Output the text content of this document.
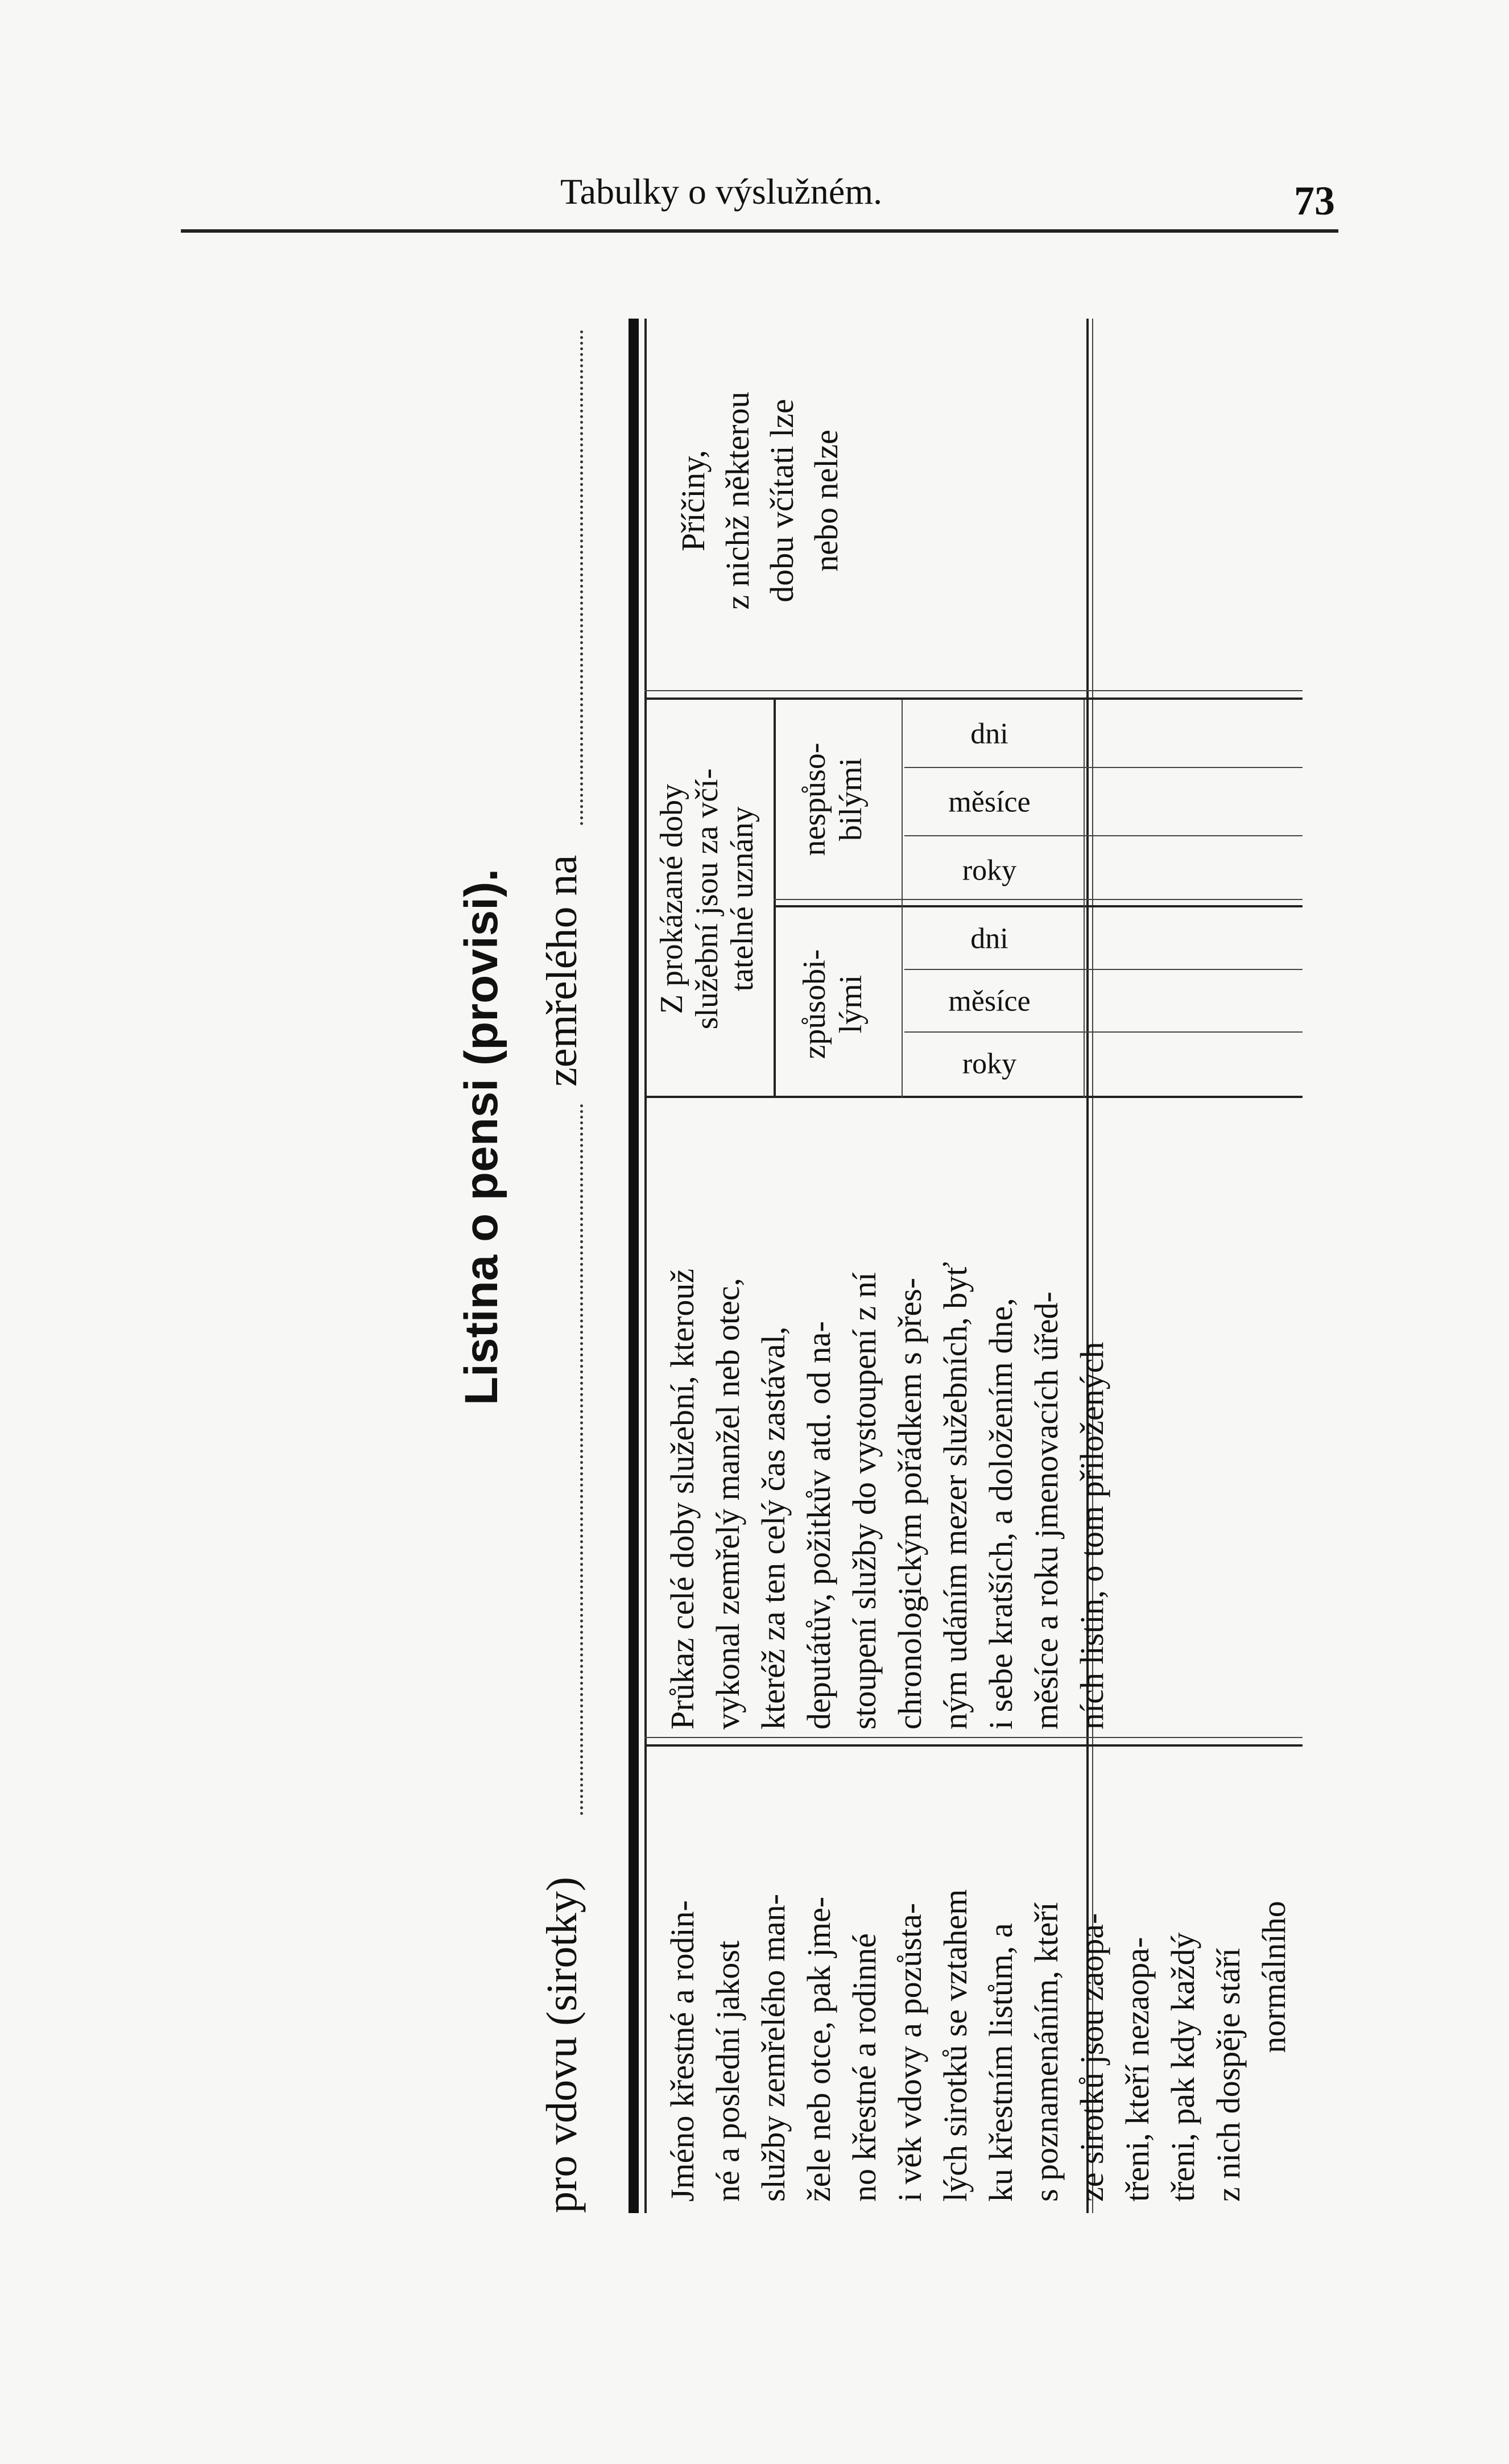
Tabulky o výslužném.	73
Listina o pensi (provisi).
pro vdovu (sirotky)
zemřelého na
Jméno křestné a rodin- né a poslední jakost služby zemřelého man- žele neb otce, pak jme- no křestné a rodinné i věk vdovy a pozůsta- lých sirotků se vztahem ku křestním listům, a s poznamenáním, kteří ze sirotků jsou zaopa- třeni, kteří nezaopa- třeni, pak kdy každý z nich dospěje stáří normálního
Průkaz celé doby služební, kterouž vykonal zemřelý manžel neb otec, kteréž za ten celý čas zastával, deputátův, požitkův atd. od na- stoupení služby do vystoupení z ní chronologickým pořádkem s přes- ným udáním mezer služebních, byť i sebe kratších, a doložením dne, měsíce a roku jmenovacích úřed- ních listin, o tom přiložených
Z prokázané doby služební jsou za včí- tatelné uznány
způsobi- lými
nespůso- bilými
roky
měsíce
dni
roky
měsíce
dni
Příčiny, z nichž některou dobu včítati lze nebo nelze
